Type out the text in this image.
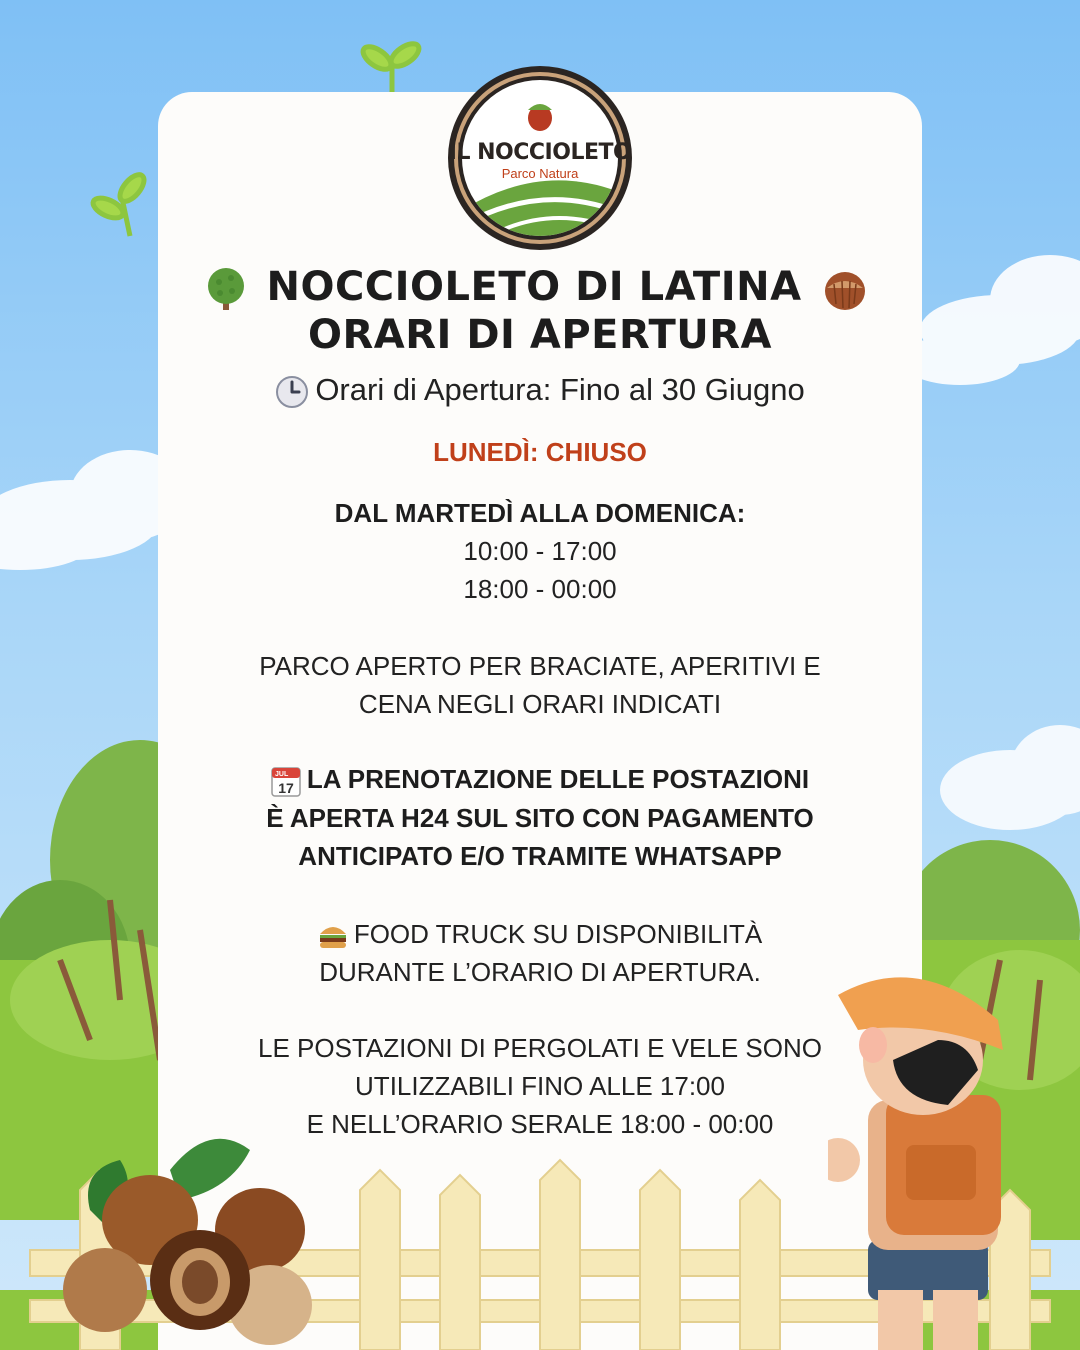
IL NOCCIOLETO
Parco Natura
NOCCIOLETO DI LATINA
ORARI DI APERTURA
Orari di Apertura: Fino al 30 Giugno
LUNEDÌ: CHIUSO
DAL MARTEDÌ ALLA DOMENICA:
10:00 - 17:00
18:00 - 00:00
PARCO APERTO PER BRACIATE, APERITIVI E
CENA NEGLI ORARI INDICATI
JUL
17 LA PRENOTAZIONE DELLE POSTAZIONI
È APERTA H24 SUL SITO CON PAGAMENTO
ANTICIPATO E/O TRAMITE WHATSAPP
FOOD TRUCK SU DISPONIBILITÀ
DURANTE L’ORARIO DI APERTURA.
LE POSTAZIONI DI PERGOLATI E VELE SONO
UTILIZZABILI FINO ALLE 17:00
E NELL’ORARIO SERALE 18:00 - 00:00
